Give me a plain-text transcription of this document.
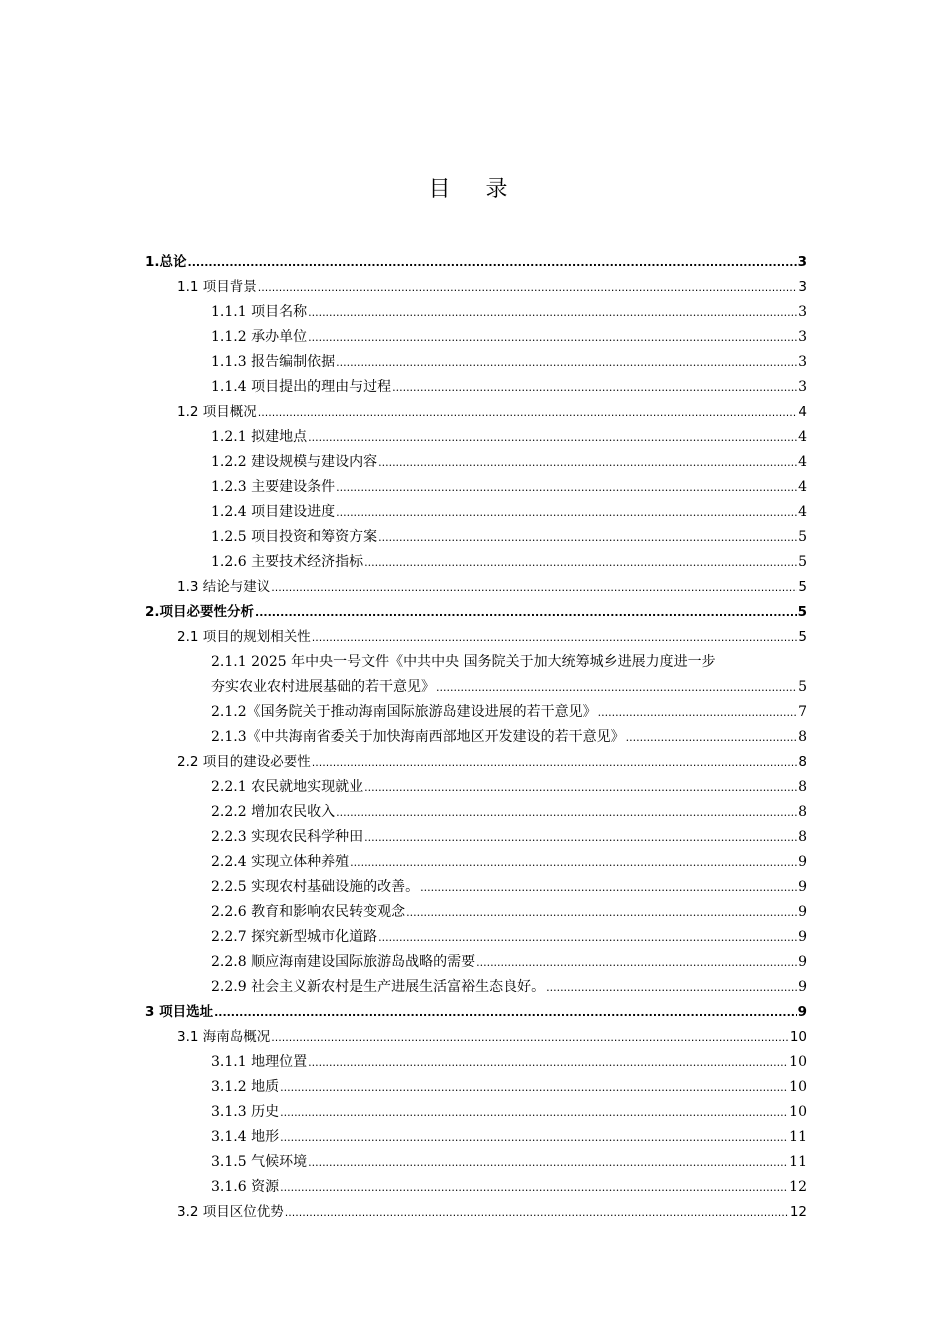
目 录
1.总论 .....	3
1.1 项目背景 .....	3
1.1.1 项目名称 .....	3
1.1.2 承办单位 .....	3
1.1.3 报告编制依据 .....	3
1.1.4 项目提出的理由与过程 .....	3
1.2 项目概况 .....	4
1.2.1 拟建地点 .....	4
1.2.2 建设规模与建设内容 .....	4
1.2.3 主要建设条件 .....	4
1.2.4 项目建设进度 .....	4
1.2.5 项目投资和筹资方案 .....	5
1.2.6 主要技术经济指标 .....	5
1.3 结论与建议 .....	5
2.项目必要性分析 .....	5
2.1 项目的规划相关性 .....	5
2.1.1 2025 年中央一号文件《中共中央 国务院关于加大统筹城乡进展力度进一步
夯实农业农村进展基础的若干意见》 .....	5
2.1.2《国务院关于推动海南国际旅游岛建设进展的若干意见》 .....	7
2.1.3《中共海南省委关于加快海南西部地区开发建设的若干意见》 .....	8
2.2 项目的建设必要性 .....	8
2.2.1 农民就地实现就业 .....	8
2.2.2 增加农民收入 .....	8
2.2.3 实现农民科学种田 .....	8
2.2.4 实现立体种养殖 .....	9
2.2.5 实现农村基础设施的改善。 .....	9
2.2.6 教育和影响农民转变观念 .....	9
2.2.7 探究新型城市化道路 .....	9
2.2.8 顺应海南建设国际旅游岛战略的需要 .....	9
2.2.9 社会主义新农村是生产进展生活富裕生态良好。 .....	9
3 项目选址 .....	9
3.1 海南岛概况 .....	10
3.1.1 地理位置 .....	10
3.1.2 地质 .....	10
3.1.3 历史 .....	10
3.1.4 地形 .....	11
3.1.5 气候环境 .....	11
3.1.6 资源 .....	12
3.2 项目区位优势 .....	12
